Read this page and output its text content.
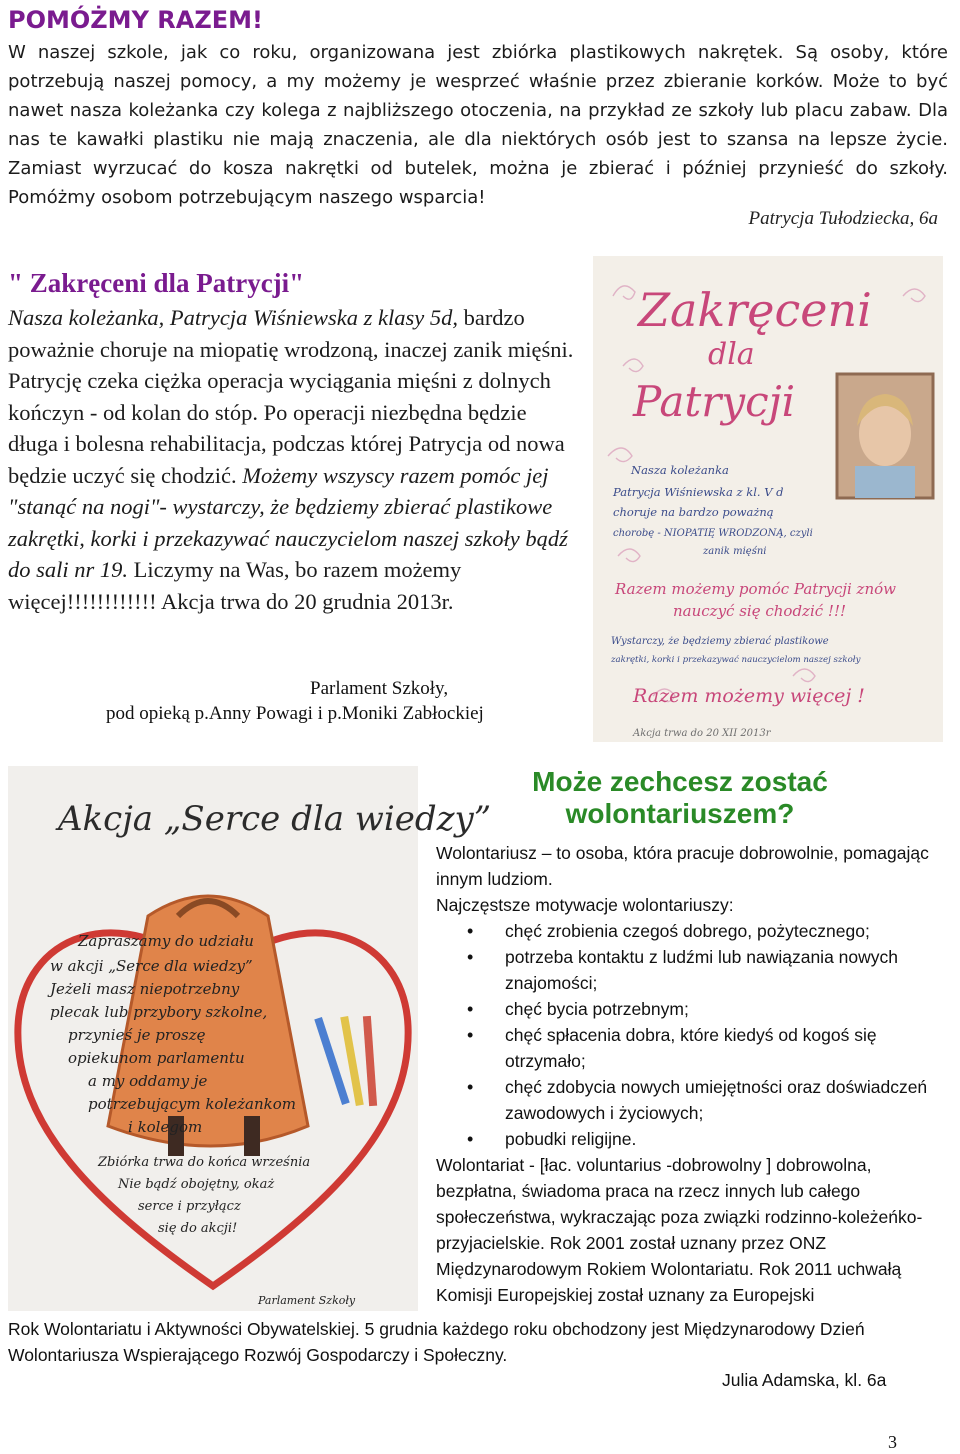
POMÓŻMY RAZEM!
W naszej szkole, jak co roku, organizowana jest zbiórka plastikowych nakrętek. Są osoby, które potrzebują naszej pomocy, a my możemy je wesprzeć właśnie przez zbieranie korków. Może to być nawet nasza koleżanka czy kolega z najbliższego otoczenia, na przykład ze szkoły lub placu zabaw. Dla nas te kawałki plastiku nie mają znaczenia, ale dla niektórych osób jest to szansa na lepsze życie. Zamiast wyrzucać do kosza nakrętki od butelek, można je zbierać i później przynieść do szkoły. Pomóżmy osobom potrzebującym naszego wsparcia!
Patrycja Tułodziecka, 6a
" Zakręceni dla Patrycji"
Nasza koleżanka, Patrycja Wiśniewska z klasy 5d, bardzo poważnie choruje na miopatię wrodzoną, inaczej zanik mięśni. Patrycję czeka ciężka operacja wyciągania mięśni z dolnych kończyn - od kolan do stóp. Po operacji niezbędna będzie długa i bolesna rehabilitacja, podczas której Patrycja od nowa będzie uczyć się chodzić. Możemy wszyscy razem pomóc jej "stanąć na nogi"- wystarczy, że będziemy zbierać plastikowe zakrętki, korki i przekazywać nauczycielom naszej szkoły bądź do sali nr 19. Liczymy na Was, bo razem możemy więcej!!!!!!!!!!!! Akcja trwa do 20 grudnia 2013r.
Parlament Szkoły,
pod opieką p.Anny Powagi i p.Moniki Zabłockiej
Zakręceni
dla
Patrycji
Nasza koleżanka
Patrycja Wiśniewska z kl. V d
choruje na bardzo poważną
chorobę - NIOPATIĘ WRODZONĄ, czyli
zanik mięśni
Razem możemy pomóc Patrycji znów
nauczyć się chodzić !!!
Wystarczy, że będziemy zbierać plastikowe
zakrętki, korki i przekazywać nauczycielom naszej szkoły
Razem możemy więcej !
Akcja trwa do 20 XII 2013r
Akcja „Serce dla wiedzy”
Zapraszamy do udziału
w akcji „Serce dla wiedzy”
Jeżeli masz niepotrzebny
plecak lub przybory szkolne,
przynieś je proszę
opiekunom parlamentu
a my oddamy je
potrzebującym koleżankom
i kolegom
Zbiórka trwa do końca września
Nie bądź obojętny, okaż
serce i przyłącz
się do akcji!
Parlament Szkoły
Może zechcesz zostać wolontariuszem?

Wolontariusz – to osoba, która pracuje dobrowolnie, pomagając innym ludziom.

Najczęstsze motywacje wolontariuszy:

• chęć zrobienia czegoś dobrego, pożytecznego;
• potrzeba kontaktu z ludźmi lub nawiązania nowych znajomości;
• chęć bycia potrzebnym;
• chęć spłacenia dobra, które kiedyś od kogoś się otrzymało;
• chęć zdobycia nowych umiejętności oraz doświadczeń zawodowych i życiowych;
• pobudki religijne.

Wolontariat - [łac. voluntarius -dobrowolny ] dobrowolna, bezpłatna, świadoma praca na rzecz innych lub całego społeczeństwa, wykraczając poza związki rodzinno-koleżeńko- przyjacielskie. Rok 2001 został uznany przez ONZ Międzynarodowym Rokiem Wolontariatu. Rok 2011 uchwałą Komisji Europejskiej został uznany za Europejski

Rok Wolontariatu i Aktywności Obywatelskiej. 5 grudnia każdego roku obchodzony jest Międzynarodowy Dzień Wolontariusza Wspierającego Rozwój Gospodarczy i Społeczny.
Julia Adamska, kl. 6a
3
